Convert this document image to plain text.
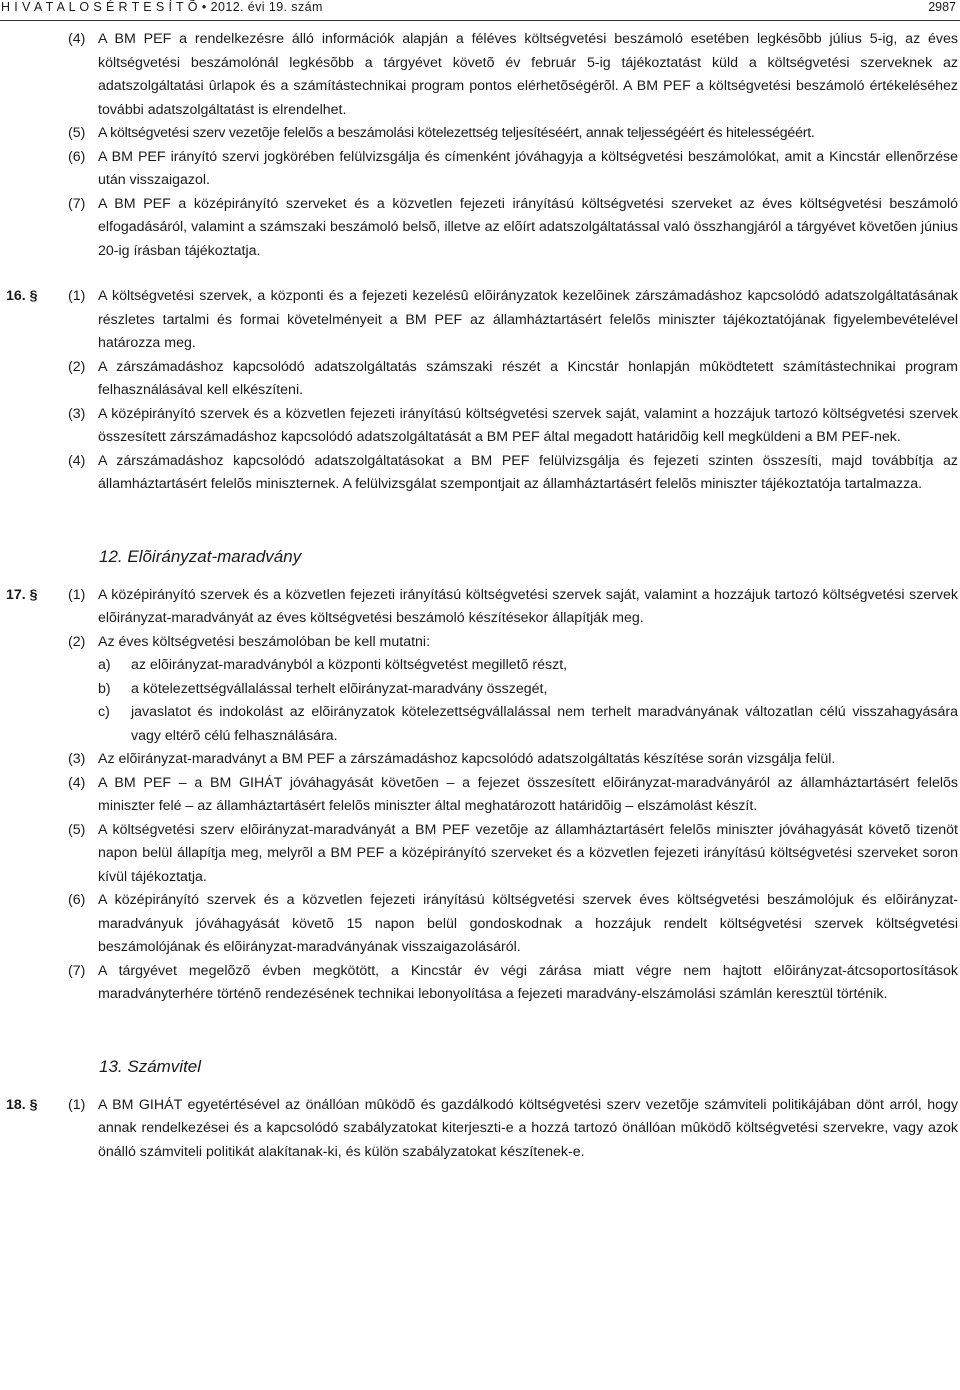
H I V A T A L O S É R T E S Í T Õ • 2012. évi 19. szám	2987
(4) A BM PEF a rendelkezésre álló információk alapján a féléves költségvetési beszámoló esetében legkésõbb július 5-ig, az éves költségvetési beszámolónál legkésõbb a tárgyévet követõ év február 5-ig tájékoztatást küld a költségvetési szerveknek az adatszolgáltatási ûrlapok és a számítástechnikai program pontos elérhetõségérõl. A BM PEF a költségvetési beszámoló értékeléséhez további adatszolgáltatást is elrendelhet.
(5) A költségvetési szerv vezetõje felelõs a beszámolási kötelezettség teljesítéséért, annak teljességéért és hitelességéért.
(6) A BM PEF irányító szervi jogkörében felülvizsgálja és címenként jóváhagyja a költségvetési beszámolókat, amit a Kincstár ellenõrzése után visszaigazol.
(7) A BM PEF a középirányító szerveket és a közvetlen fejezeti irányítású költségvetési szerveket az éves költségvetési beszámoló elfogadásáról, valamint a számszaki beszámoló belsõ, illetve az elõírt adatszolgáltatással való összhangjáról a tárgyévet követõen június 20-ig írásban tájékoztatja.
16. § (1) A költségvetési szervek, a központi és a fejezeti kezelésû elõirányzatok kezelõinek zárszámadáshoz kapcsolódó adatszolgáltatásának részletes tartalmi és formai követelményeit a BM PEF az államháztartásért felelõs miniszter tájékoztatójának figyelembevételével határozza meg.
(2) A zárszámadáshoz kapcsolódó adatszolgáltatás számszaki részét a Kincstár honlapján mûködtetett számítástechnikai program felhasználásával kell elkészíteni.
(3) A középirányító szervek és a közvetlen fejezeti irányítású költségvetési szervek saját, valamint a hozzájuk tartozó költségvetési szervek összesített zárszámadáshoz kapcsolódó adatszolgáltatását a BM PEF által megadott határidõig kell megküldeni a BM PEF-nek.
(4) A zárszámadáshoz kapcsolódó adatszolgáltatásokat a BM PEF felülvizsgálja és fejezeti szinten összesíti, majd továbbítja az államháztartásért felelõs miniszternek. A felülvizsgálat szempontjait az államháztartásért felelõs miniszter tájékoztatója tartalmazza.
12. Elõirányzat-maradvány
17. § (1) A középirányító szervek és a közvetlen fejezeti irányítású költségvetési szervek saját, valamint a hozzájuk tartozó költségvetési szervek elõirányzat-maradványát az éves költségvetési beszámoló készítésekor állapítják meg.
(2) Az éves költségvetési beszámolóban be kell mutatni:
a) az elõirányzat-maradványból a központi költségvetést megilletõ részt,
b) a kötelezettségvállalással terhelt elõirányzat-maradvány összegét,
c) javaslatot és indokolást az elõirányzatok kötelezettségvállalással nem terhelt maradványának változatlan célú visszahagyására vagy eltérõ célú felhasználására.
(3) Az elõirányzat-maradványt a BM PEF a zárszámadáshoz kapcsolódó adatszolgáltatás készítése során vizsgálja felül.
(4) A BM PEF – a BM GIHÁT jóváhagyását követõen – a fejezet összesített elõirányzat-maradványáról az államháztartásért felelõs miniszter felé – az államháztartásért felelõs miniszter által meghatározott határidõig – elszámolást készít.
(5) A költségvetési szerv elõirányzat-maradványát a BM PEF vezetõje az államháztartásért felelõs miniszter jóváhagyását követõ tizenöt napon belül állapítja meg, melyrõl a BM PEF a középirányító szerveket és a közvetlen fejezeti irányítású költségvetési szerveket soron kívül tájékoztatja.
(6) A középirányító szervek és a közvetlen fejezeti irányítású költségvetési szervek éves költségvetési beszámolójuk és elõirányzat-maradványuk jóváhagyását követõ 15 napon belül gondoskodnak a hozzájuk rendelt költségvetési szervek költségvetési beszámolójának és elõirányzat-maradványának visszaigazolásáról.
(7) A tárgyévet megelõzõ évben megkötött, a Kincstár év végi zárása miatt végre nem hajtott elõirányzat-átcsoportosítások maradványterhére történõ rendezésének technikai lebonyolítása a fejezeti maradvány-elszámolási számlán keresztül történik.
13. Számvitel
18. § (1) A BM GIHÁT egyetértésével az önállóan mûködõ és gazdálkodó költségvetési szerv vezetõje számviteli politikájában dönt arról, hogy annak rendelkezései és a kapcsolódó szabályzatokat kiterjeszti-e a hozzá tartozó önállóan mûködõ költségvetési szervekre, vagy azok önálló számviteli politikát alakítanak-ki, és külön szabályzatokat készítenek-e.
